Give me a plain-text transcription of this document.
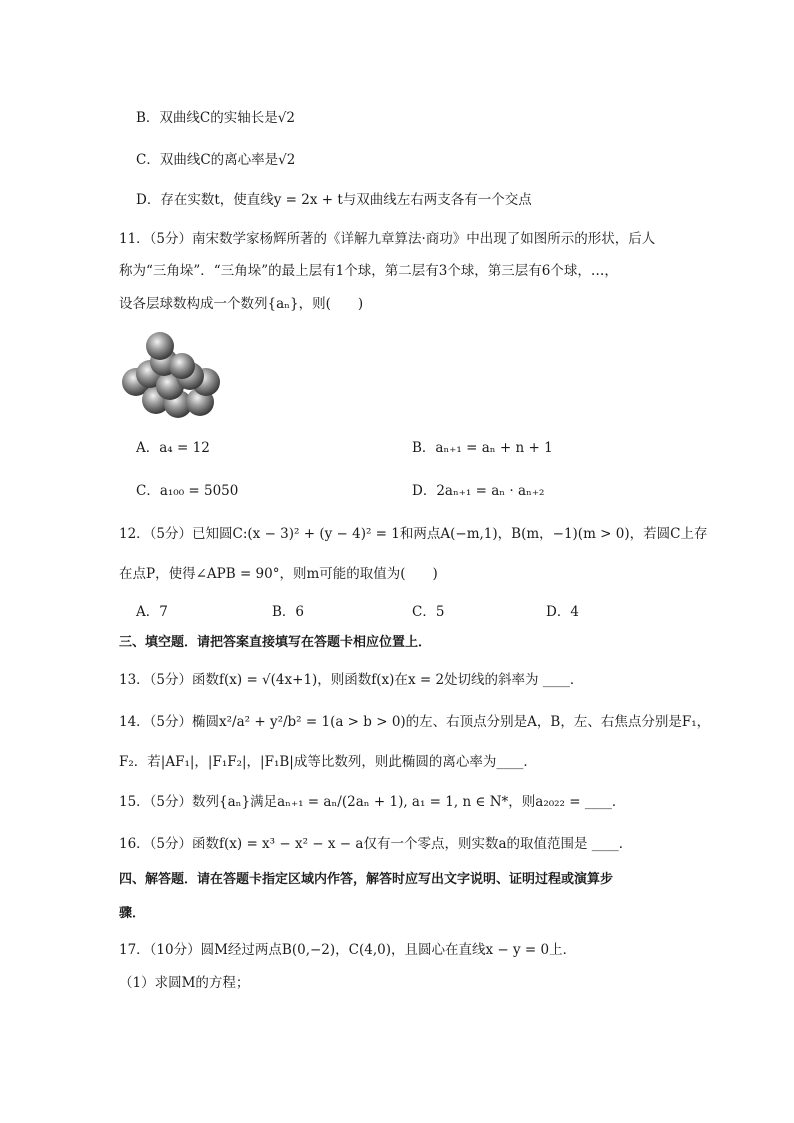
B．双曲线C的实轴长是√2
C．双曲线C的离心率是√2
D．存在实数t，使直线y = 2x + t与双曲线左右两支各有一个交点
11．（5分）南宋数学家杨辉所著的《详解九章算法·商功》中出现了如图所示的形状，后人
称为“三角垛”．“三角垛”的最上层有1个球，第二层有3个球，第三层有6个球，…，
设各层球数构成一个数列{aₙ}，则(　　)
A．a₄ = 12	B．aₙ₊₁ = aₙ + n + 1
C．a₁₀₀ = 5050	D．2aₙ₊₁ = aₙ · aₙ₊₂
12．（5分）已知圆C:(x − 3)² + (y − 4)² = 1和两点A(−m,1)，B(m，−1)(m > 0)，若圆C上存
在点P，使得∠APB = 90°，则m可能的取值为(　　)
A．7	B．6	C．5	D．4
三、填空题．请把答案直接填写在答题卡相应位置上．
13．（5分）函数f(x) = √(4x+1)，则函数f(x)在x = 2处切线的斜率为 ____．
14．（5分）椭圆x²/a² + y²/b² = 1(a > b > 0)的左、右顶点分别是A，B，左、右焦点分别是F₁，
F₂．若|AF₁|，|F₁F₂|，|F₁B|成等比数列，则此椭圆的离心率为____．
15．（5分）数列{aₙ}满足aₙ₊₁ = aₙ/(2aₙ + 1), a₁ = 1, n ∈ N*，则a₂₀₂₂ = ____．
16．（5分）函数f(x) = x³ − x² − x − a仅有一个零点，则实数a的取值范围是 ____．
四、解答题．请在答题卡指定区域内作答，解答时应写出文字说明、证明过程或演算步
骤．
17．（10分）圆M经过两点B(0,−2)，C(4,0)，且圆心在直线x − y = 0上．
（1）求圆M的方程；
